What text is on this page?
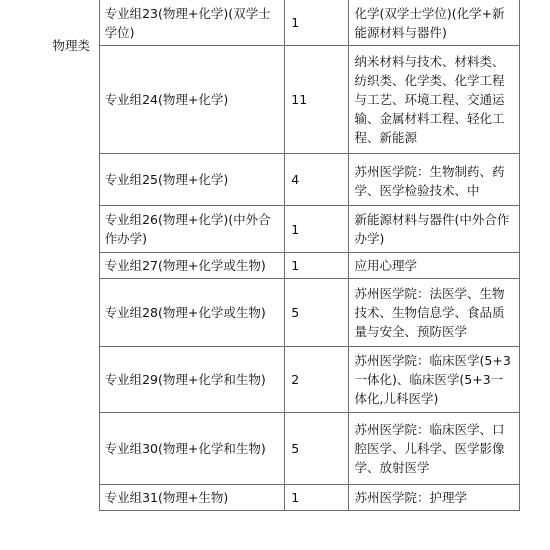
物理类	专业组23(物理+化学)(双学士学位)	1	化学(双学士学位)(化学+新能源材料与器件)
	专业组24(物理+化学)	11	纳米材料与技术、材料类、纺织类、化学类、化学工程与工艺、环境工程、交通运输、金属材料工程、轻化工程、新能源

	专业组25(物理+化学)	4	苏州医学院：生物制药、药学、医学检验技术、中

	专业组26(物理+化学)(中外合作办学)	1	新能源材料与器件(中外合作办学)
	专业组27(物理+化学或生物)	1	应用心理学
	专业组28(物理+化学或生物)	5	苏州医学院：法医学、生物技术、生物信息学、食品质量与安全、预防医学
	专业组29(物理+化学和生物)	2	苏州医学院：临床医学(5+3一体化)、临床医学(5+3一体化,儿科医学)
	专业组30(物理+化学和生物)	5	苏州医学院：临床医学、口腔医学、儿科学、医学影像学、放射医学
	专业组31(物理+生物)	1	苏州医学院：护理学
